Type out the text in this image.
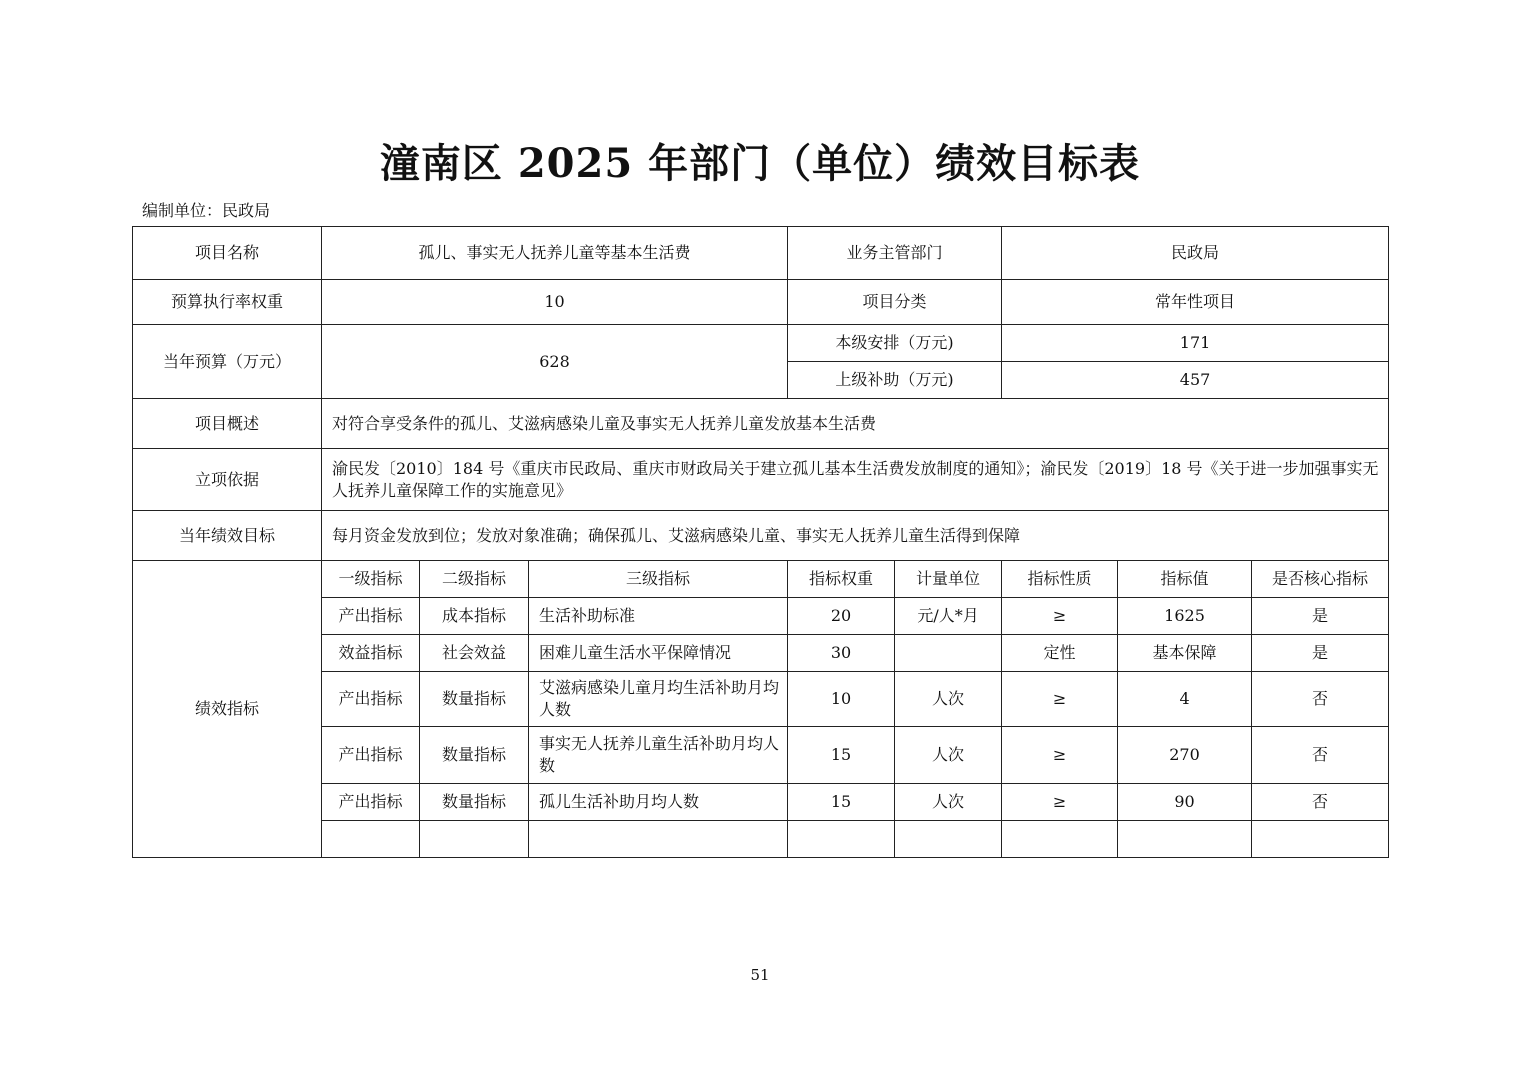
潼南区 2025 年部门（单位）绩效目标表
编制单位：民政局
项目名称	孤儿、事实无人抚养儿童等基本生活费			业务主管部门		民政局		
预算执行率权重	10			项目分类		常年性项目		
当年预算（万元）	628			本级安排（万元)		171		
				上级补助（万元)		457		
项目概述	对符合享受条件的孤儿、艾滋病感染儿童及事实无人抚养儿童发放基本生活费							
立项依据	渝民发〔2010〕184 号《重庆市民政局、重庆市财政局关于建立孤儿基本生活费发放制度的通知》；渝民发〔2019〕18 号《关于进一步加强事实无人抚养儿童保障工作的实施意见》							
当年绩效目标	每月资金发放到位；发放对象准确；确保孤儿、艾滋病感染儿童、事实无人抚养儿童生活得到保障							
绩效指标	一级指标	二级指标	三级指标	指标权重	计量单位	指标性质	指标值	是否核心指标
	产出指标	成本指标	生活补助标准	20	元/人*月	≥	1625	是
	效益指标	社会效益	困难儿童生活水平保障情况	30		定性	基本保障	是
	产出指标	数量指标	艾滋病感染儿童月均生活补助月均人数	10	人次	≥	4	否
	产出指标	数量指标	事实无人抚养儿童生活补助月均人数	15	人次	≥	270	否
	产出指标	数量指标	孤儿生活补助月均人数	15	人次	≥	90	否

51
